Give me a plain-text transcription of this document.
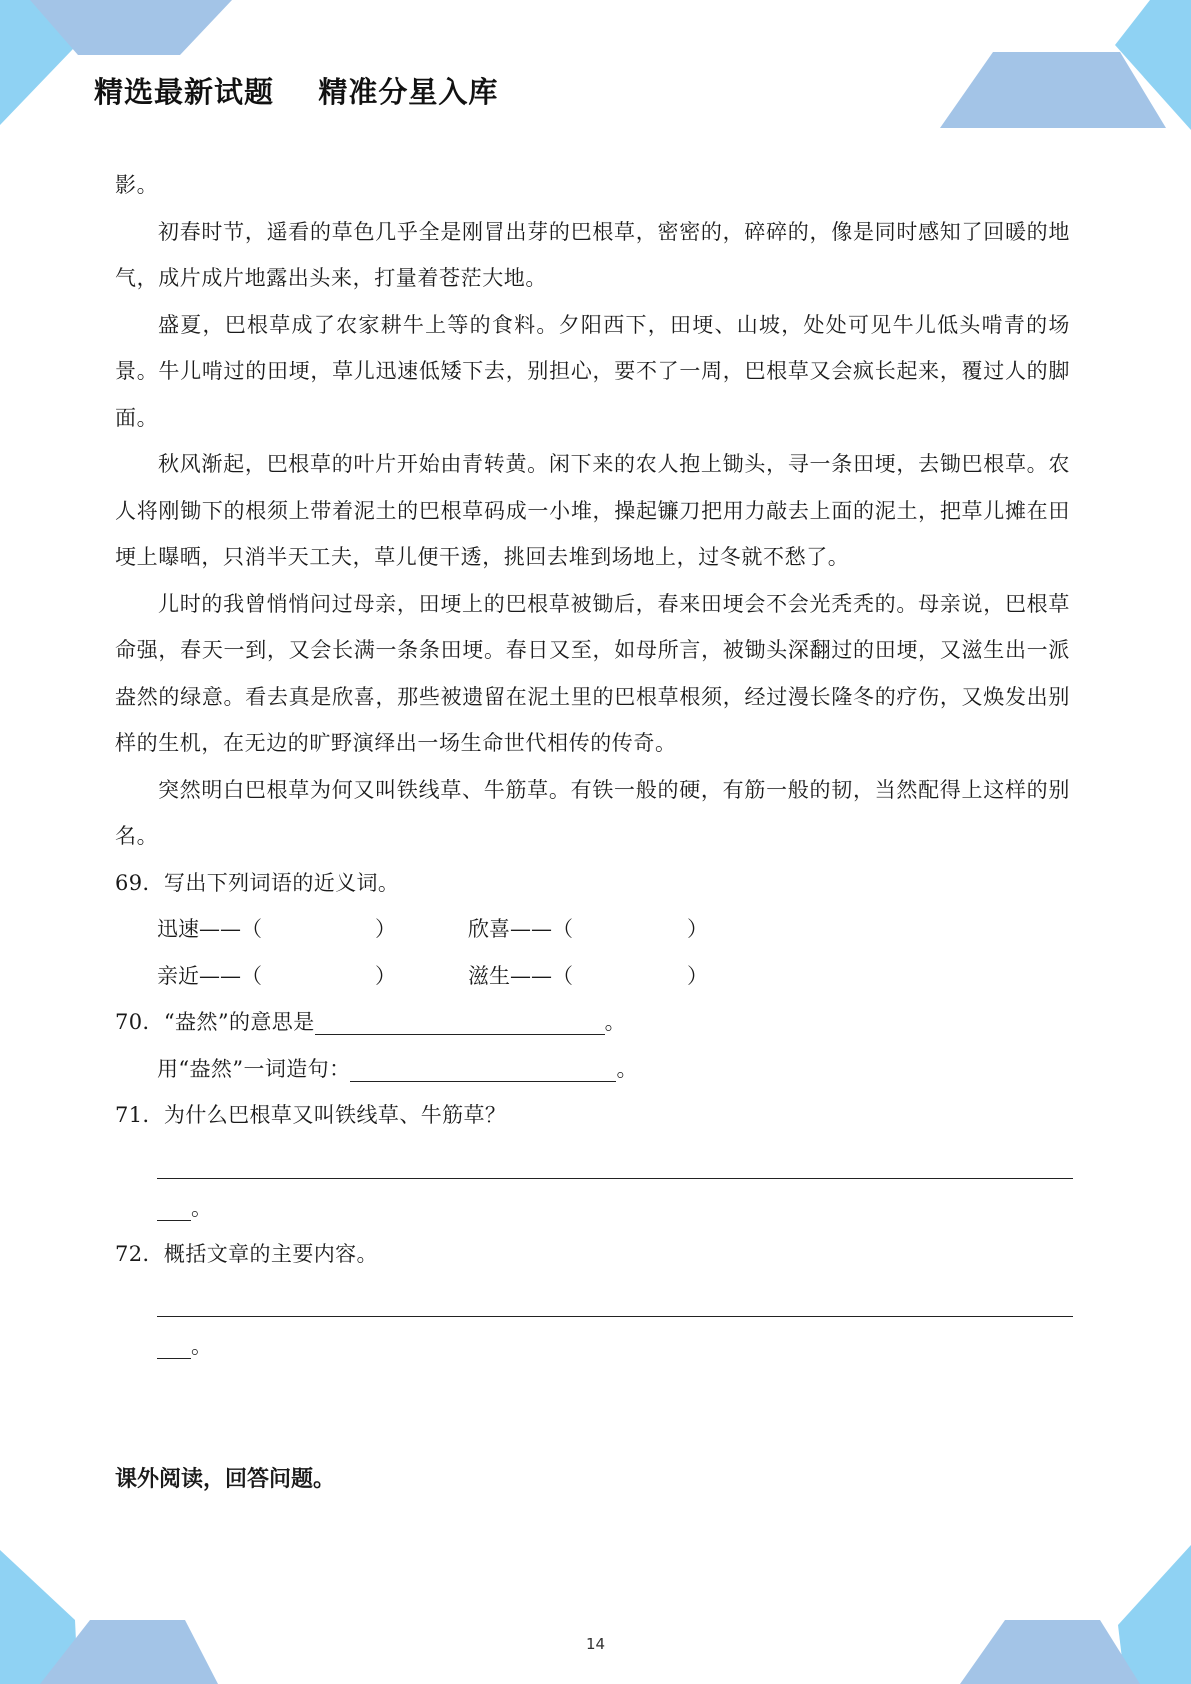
精选最新试题    精准分星入库

影。

初春时节，遥看的草色几乎全是刚冒出芽的巴根草，密密的，碎碎的，像是同时感知了回暖的地气，成片成片地露出头来，打量着苍茫大地。

盛夏，巴根草成了农家耕牛上等的食料。夕阳西下，田埂、山坡，处处可见牛儿低头啃青的场景。牛儿啃过的田埂，草儿迅速低矮下去，别担心，要不了一周，巴根草又会疯长起来，覆过人的脚面。

秋风渐起，巴根草的叶片开始由青转黄。闲下来的农人抱上锄头，寻一条田埂，去锄巴根草。农人将刚锄下的根须上带着泥土的巴根草码成一小堆，操起镰刀把用力敲去上面的泥土，把草儿摊在田埂上曝晒，只消半天工夫，草儿便干透，挑回去堆到场地上，过冬就不愁了。

儿时的我曾悄悄问过母亲，田埂上的巴根草被锄后，春来田埂会不会光秃秃的。母亲说，巴根草命强，春天一到，又会长满一条条田埂。春日又至，如母所言，被锄头深翻过的田埂，又滋生出一派盎然的绿意。看去真是欣喜，那些被遗留在泥土里的巴根草根须，经过漫长隆冬的疗伤，又焕发出别样的生机，在无边的旷野演绎出一场生命世代相传的传奇。

突然明白巴根草为何又叫铁线草、牛筋草。有铁一般的硬，有筋一般的韧，当然配得上这样的别名。

69．写出下列词语的近义词。

迅速——（	）	欣喜——（	）
亲近——（	）	滋生——（	）

70．“盎然”的意思是	。

用“盎然”一词造句：	。

71．为什么巴根草又叫铁线草、牛筋草？

。

72．概括文章的主要内容。

。
课外阅读，回答问题。
14
